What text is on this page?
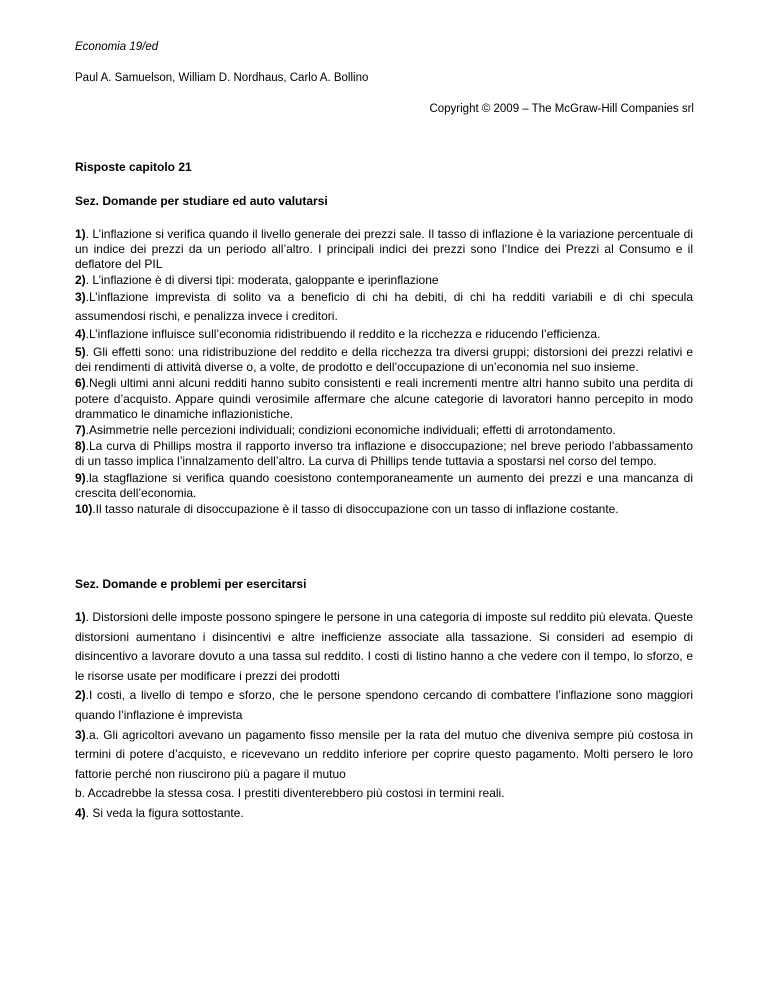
Economia 19/ed
Paul A. Samuelson, William D. Nordhaus, Carlo A. Bollino
Copyright © 2009 – The McGraw-Hill Companies srl
Risposte capitolo 21
Sez. Domande per studiare ed auto valutarsi

1). L’inflazione si verifica quando il livello generale dei prezzi sale. Il tasso di inflazione è la variazione percentuale di un indice dei prezzi da un periodo all’altro. I principali indici dei prezzi sono l’Indice dei Prezzi al Consumo e il deflatore del PIL

2). L’inflazione è di diversi tipi: moderata, galoppante e iperinflazione

3).L’inflazione imprevista di solito va a beneficio di chi ha debiti, di chi ha redditi variabili e di chi specula assumendosi rischi, e penalizza invece i creditori.

4).L’inflazione influisce sull’economia ridistribuendo il reddito e la ricchezza e riducendo l’efficienza.

5). Gli effetti sono: una ridistribuzione del reddito e della ricchezza tra diversi gruppi; distorsioni dei prezzi relativi e dei rendimenti di attività diverse o, a volte, de prodotto e dell’occupazione di un’economia nel suo insieme.

6).Negli ultimi anni alcuni redditi hanno subito consistenti e reali incrementi mentre altri hanno subito una perdita di potere d’acquisto. Appare quindi verosimile affermare che alcune categorie di lavoratori hanno percepito in modo drammatico le dinamiche inflazionistiche.

7).Asimmetrie nelle percezioni individuali; condizioni economiche individuali; effetti di arrotondamento.

8).La curva di Phillips mostra il rapporto inverso tra inflazione e disoccupazione; nel breve periodo l’abbassamento di un tasso implica l’innalzamento dell’altro. La curva di Phillips tende tuttavia a spostarsi nel corso del tempo.

9).la stagflazione si verifica quando coesistono contemporaneamente un aumento dei prezzi e una mancanza di crescita dell’economia.

10).Il tasso naturale di disoccupazione è il tasso di disoccupazione con un tasso di inflazione costante.

Sez. Domande e problemi per esercitarsi

1). Distorsioni delle imposte possono spingere le persone in una categoria di imposte sul reddito più elevata. Queste distorsioni aumentano i disincentivi e altre inefficienze associate alla tassazione. Si consideri ad esempio di disincentivo a lavorare dovuto a una tassa sul reddito. I costi di listino hanno a che vedere con il tempo, lo sforzo, e le risorse usate per modificare i prezzi dei prodotti

2).I costi, a livello di tempo e sforzo, che le persone spendono cercando di combattere l’inflazione sono maggiori quando l’inflazione è imprevista

3).a. Gli agricoltori avevano un pagamento fisso mensile per la rata del mutuo che diveniva sempre più costosa in termini di potere d’acquisto, e ricevevano un reddito inferiore per coprire questo pagamento. Molti persero le loro fattorie perché non riuscirono più a pagare il mutuo

b. Accadrebbe la stessa cosa. I prestiti diventerebbero più costosi in termini reali.

4). Si veda la figura sottostante.
